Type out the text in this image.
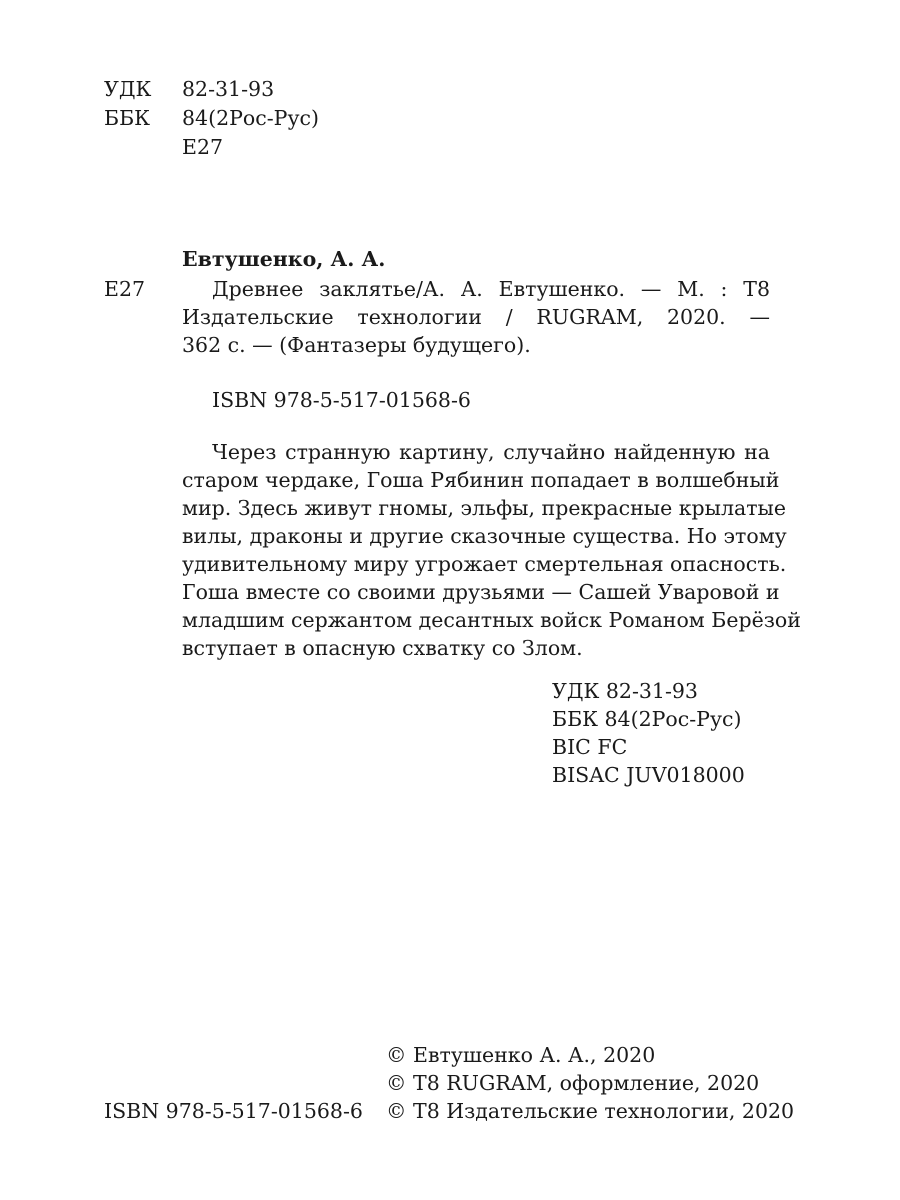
УДК 82-31-93
ББК 84(2Рос-Рус)
Е27
Евтушенко, А. А.
Е27	Древнее заклятье/А. А. Евтушенко. — М. : Т8
Издательские технологии / RUGRAM, 2020. —
362 с. — (Фантазеры будущего).
ISBN 978-5-517-01568-6
Через странную картину, случайно найденную на
старом чердаке, Гоша Рябинин попадает в волшебный
мир. Здесь живут гномы, эльфы, прекрасные крылатые
вилы, драконы и другие сказочные существа. Но этому
удивительному миру угрожает смертельная опасность.
Гоша вместе со своими друзьями — Сашей Уваровой и
младшим сержантом десантных войск Романом Берёзой
вступает в опасную схватку со Злом.
УДК 82-31-93
ББК 84(2Рос-Рус)
BIC FC
BISAC JUV018000
© Евтушенко А. А., 2020
© Т8 RUGRAM, оформление, 2020
© Т8 Издательские технологии, 2020
ISBN 978-5-517-01568-6
